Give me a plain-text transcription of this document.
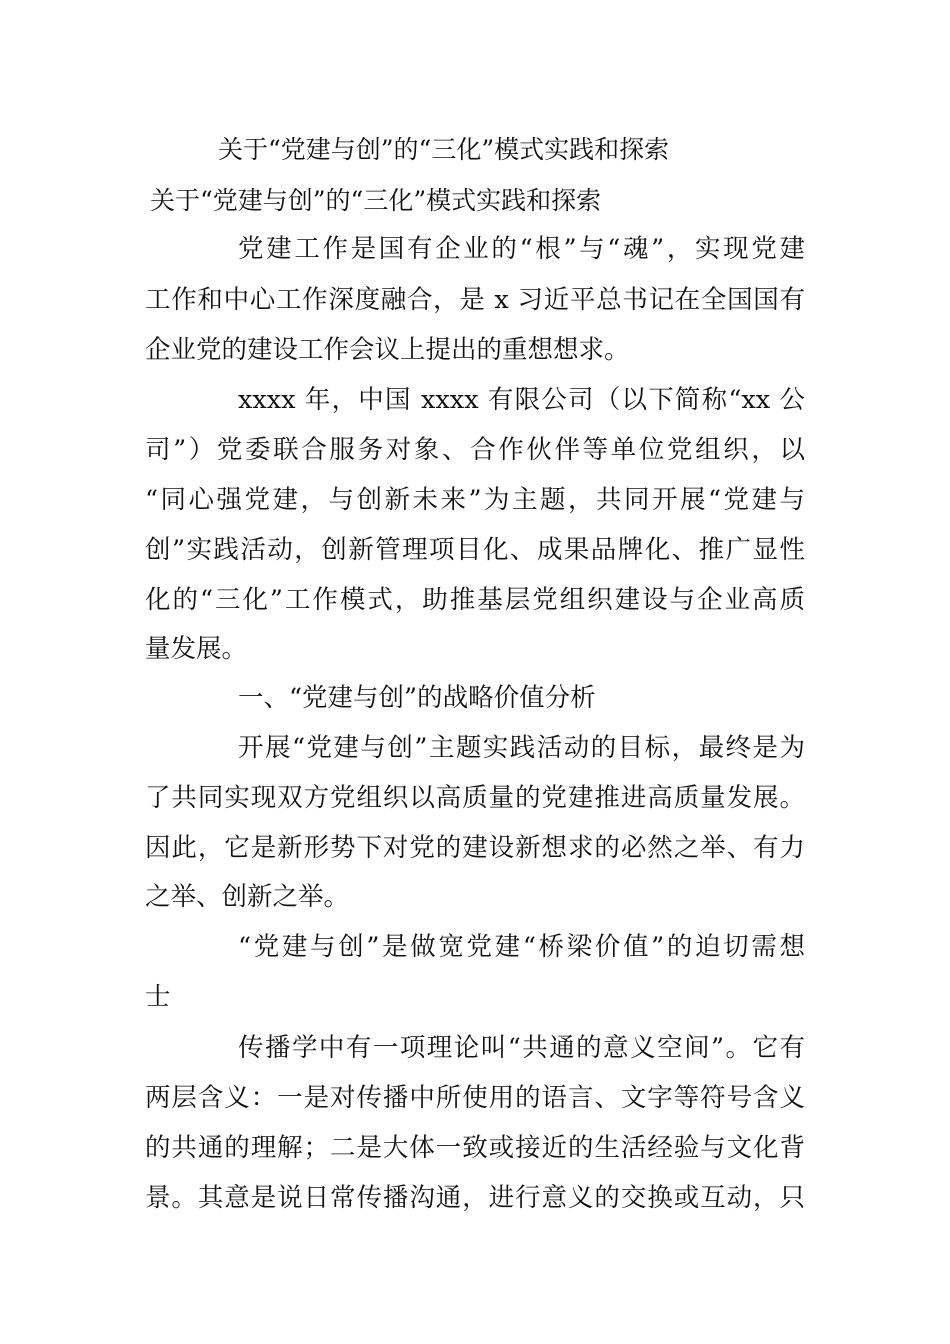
关于“党建与创”的“三化”模式实践和探索
关于“党建与创”的“三化”模式实践和探索
党建工作是国有企业的“根”与“魂”，实现党建
工作和中心工作深度融合，是 x 习近平总书记在全国国有
企业党的建设工作会议上提出的重想想求。
xxxx 年，中国 xxxx 有限公司（以下简称“xx 公
司”）党委联合服务对象、合作伙伴等单位党组织，以
“同心强党建，与创新未来”为主题，共同开展“党建与
创”实践活动，创新管理项目化、成果品牌化、推广显性
化的“三化”工作模式，助推基层党组织建设与企业高质
量发展。
一、“党建与创”的战略价值分析
开展“党建与创”主题实践活动的目标，最终是为
了共同实现双方党组织以高质量的党建推进高质量发展。
因此，它是新形势下对党的建设新想求的必然之举、有力
之举、创新之举。
“党建与创”是做宽党建“桥梁价值”的迫切需想
士
传播学中有一项理论叫“共通的意义空间”。它有
两层含义：一是对传播中所使用的语言、文字等符号含义
的共通的理解；二是大体一致或接近的生活经验与文化背
景。其意是说日常传播沟通，进行意义的交换或互动，只
